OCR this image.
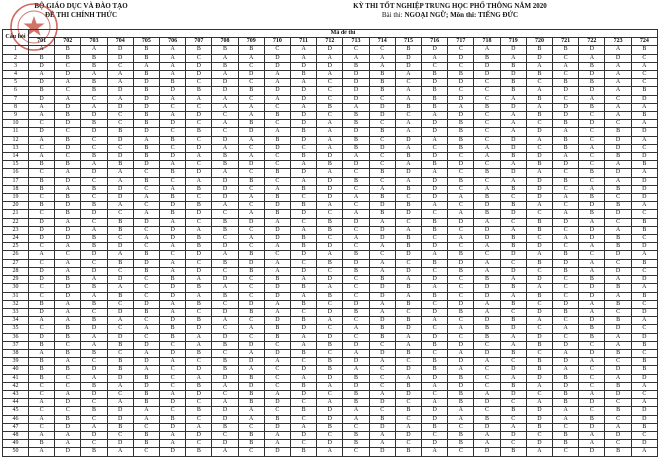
BỘ GIÁO DỤC VÀ ĐÀO TẠO
ĐỀ THI CHÍNH THỨC
KỲ THI TỐT NGHIỆP TRUNG HỌC PHỔ THÔNG NĂM 2020
Bài thi: NGOẠI NGỮ; Môn thi: TIẾNG ĐỨC
Câu hỏi	Mã đề thi																							
	701	702	703	704	705	706	707	708	709	710	711	712	713	714	715	716	717	718	719	720	721	722	723	724
1	A	B	A	D	B	A	B	B	B	C	A	D	C	C	B	D	C	A	D	B	B	D	A	B
2	B	B	B	D	B	A	C	A	A	D	A	A	A	A	D	A	D	B	A	D	C	A	D	C
3	D	C	B	C	A	A	D	B	C	D	D	D	B	A	D	C	C	D	B	A	A	B	A	A
4	A	D	A	A	B	A	D	A	D	A	B	A	D	B	A	B	B	D	D	B	C	D	A	C
5	D	A	B	A	D	B	C	D	C	A	A	C	D	B	C	D	D	C	B	C	B	B	A	C
6	B	C	B	D	B	D	B	D	B	D	D	C	D	B	A	B	C	C	B	A	D	D	A	B
7	D	A	C	A	D	A	A	A	C	A	D	C	D	C	A	B	D	C	A	B	C	A	C	D
8	A	D	A	D	D	C	C	A	A	C	A	B	A	D	B	B	A	B	D	A	D	B	A	A
9	A	B	D	C	B	A	D	C	A	B	D	C	B	D	C	A	D	C	A	B	D	C	A	B
10	C	D	B	C	B	D	C	A	B	C	D	A	B	C	A	D	B	C	A	C	B	D	C	A
11	D	C	D	B	D	C	B	C	D	A	B	A	D	B	A	D	B	C	A	D	A	C	B	D
12	A	B	C	D	A	B	C	D	A	B	D	A	B	C	D	A	B	C	D	A	B	C	D	A
13	C	D	C	C	B	C	D	A	C	D	C	A	B	D	A	C	B	A	D	C	B	A	D	C
14	A	C	B	D	B	D	A	B	A	C	B	D	A	C	B	D	C	A	B	D	A	C	B	D
15	B	B	A	B	D	A	C	B	D	C	A	B	D	C	A	B	D	C	A	B	D	C	A	B
16	C	A	D	A	C	B	D	A	C	B	D	A	C	B	D	A	C	B	D	A	C	B	D	A
17	B	D	C	A	B	C	A	D	B	C	A	D	B	C	A	D	B	C	A	D	B	C	A	D
18	B	A	B	D	C	A	B	D	C	A	B	D	C	A	B	D	C	A	B	D	C	A	B	D
19	C	B	C	D	A	B	C	D	A	B	C	D	A	B	C	D	A	B	C	D	A	B	C	D
20	B	D	B	A	C	D	B	A	C	D	B	A	C	D	B	A	C	D	B	A	C	D	B	A
21	C	B	D	C	A	B	D	C	A	B	D	C	A	B	D	C	A	B	D	C	A	B	D	C
22	D	A	C	B	D	A	C	B	D	A	C	B	D	A	C	B	D	A	C	B	D	A	C	B
23	D	D	A	B	C	D	A	B	C	D	A	B	C	D	A	B	C	D	A	B	C	D	A	B
24	D	D	B	C	A	D	B	C	A	D	B	C	A	D	B	C	A	D	B	C	A	D	B	C
25	C	A	B	D	C	A	B	D	C	A	B	D	C	A	B	D	C	A	B	D	C	A	B	D
26	A	C	D	A	B	C	D	A	B	C	D	A	B	C	D	A	B	C	D	A	B	C	D	A
27	C	A	C	B	D	A	C	B	D	A	C	B	D	A	C	B	D	A	C	B	D	A	C	B
28	D	A	D	C	B	A	D	C	B	A	D	C	B	A	D	C	B	A	D	C	B	A	D	C
29	D	B	A	D	C	B	A	D	C	B	A	D	C	B	A	D	C	B	A	D	C	B	A	D
30	C	D	B	A	C	D	B	A	C	D	B	A	C	D	B	A	C	D	B	A	C	D	B	A
31	C	D	A	B	C	D	A	B	C	D	A	B	C	D	A	B	C	D	A	B	C	D	A	B
32	B	A	B	C	D	A	B	C	D	A	B	C	D	A	B	C	D	A	B	C	D	A	B	C
33	D	A	C	D	B	A	C	D	B	A	C	D	B	A	C	D	B	A	C	D	B	A	C	D
34	A	A	B	A	C	D	B	A	C	D	B	A	C	D	B	A	C	D	B	A	C	D	B	A
35	C	B	D	C	A	B	D	C	A	B	D	C	A	B	D	C	A	B	D	C	A	B	D	C
36	D	B	A	D	C	B	A	D	C	B	A	D	C	B	A	D	C	B	A	D	C	B	A	D
37	B	C	A	B	D	C	A	B	D	C	A	B	D	C	A	B	D	C	A	B	D	C	A	B
38	A	B	B	C	A	D	B	C	A	D	B	C	A	D	B	C	A	D	B	C	A	D	B	C
39	B	A	C	B	D	A	C	B	D	A	C	B	D	A	C	B	D	A	C	B	D	A	C	B
40	B	B	D	B	A	C	D	B	A	C	D	B	A	C	D	B	A	C	D	B	A	C	D	B
41	B	C	A	D	B	C	A	D	B	C	A	D	B	C	A	D	B	C	A	D	B	C	A	D
42	C	C	B	A	D	C	B	A	D	C	B	A	D	C	B	A	D	C	B	A	D	C	B	A
43	C	A	D	C	B	A	D	C	B	A	D	C	B	A	D	C	B	A	D	C	B	A	D	C
44	A	D	C	A	B	D	C	A	B	D	C	A	B	D	C	A	B	D	C	A	B	D	C	A
45	C	C	B	D	A	C	B	D	A	C	B	D	A	C	B	D	A	C	B	D	A	C	B	D
46	A	B	C	D	A	B	C	D	A	B	C	D	A	B	C	D	A	B	C	D	A	B	C	D
47	C	D	A	B	C	D	A	B	C	D	A	B	C	D	A	B	C	D	A	B	C	D	A	B
48	A	A	D	C	B	A	D	C	B	A	D	C	B	A	D	C	B	A	D	C	B	A	D	C
49	B	A	C	D	B	A	C	D	B	A	C	D	B	A	C	D	B	A	C	D	B	A	C	D
50	A	D	B	A	C	D	B	A	C	D	B	A	C	D	B	A	C	D	B	A	C	D	B	A
